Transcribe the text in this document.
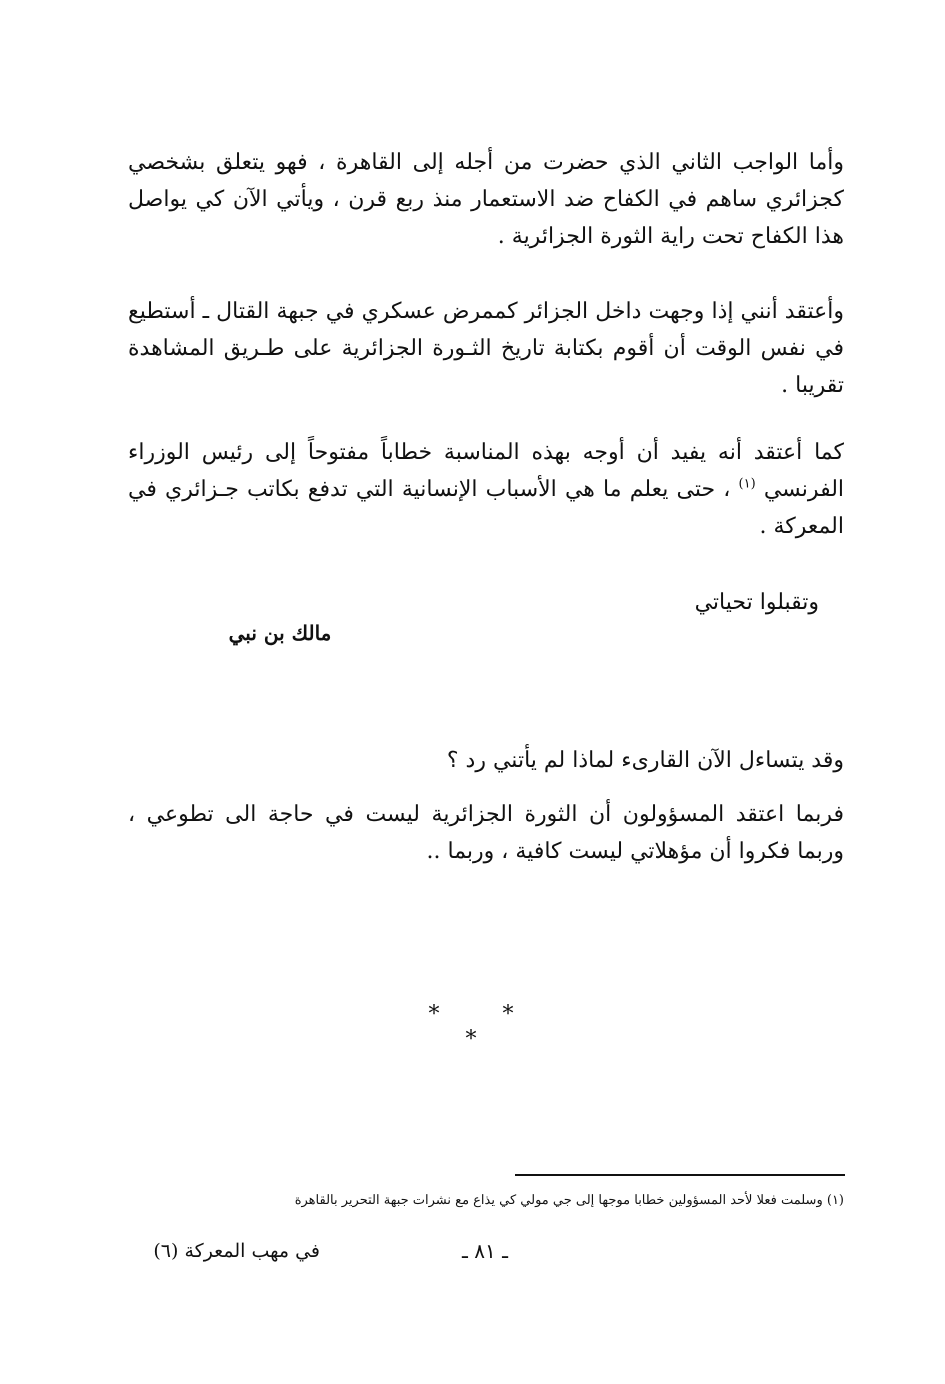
وأما الواجب الثاني الذي حضرت من أجله إلى القاهرة ، فهو يتعلق بشخصي كجزائري ساهم في الكفاح ضد الاستعمار منذ ربع قرن ، ويأتي الآن كي يواصل هذا الكفاح تحت راية الثورة الجزائرية .

وأعتقد أنني إذا وجهت داخل الجزائر كممرض عسكري في جبهة القتال ـ أستطيع في نفس الوقت أن أقوم بكتابة تاريخ الثـورة الجزائرية على طـريق المشاهدة تقريبا .

كما أعتقد أنه يفيد أن أوجه بهذه المناسبة خطاباً مفتوحاً إلى رئيس الوزراء الفرنسي $^{(١)}$ ، حتى يعلم ما هي الأسباب الإنسانية التي تدفع بكاتب جـزائري في المعركة .

وتقبلوا تحياتي

مالك بن نبي

وقد يتساءل الآن القارىء لماذا لم يأتني رد ؟

فربما اعتقد المسؤولون أن الثورة الجزائرية ليست في حاجة الى تطوعي ، وربما فكروا أن مؤهلاتي ليست كافية ، وربما ..

* * *

(١) وسلمت فعلا لأحد المسؤولين خطابا موجها إلى جي مولي كي يذاع مع نشرات جبهة التحرير بالقاهرة

ـ ٨١ ـ
في مهب المعركة (٦)
